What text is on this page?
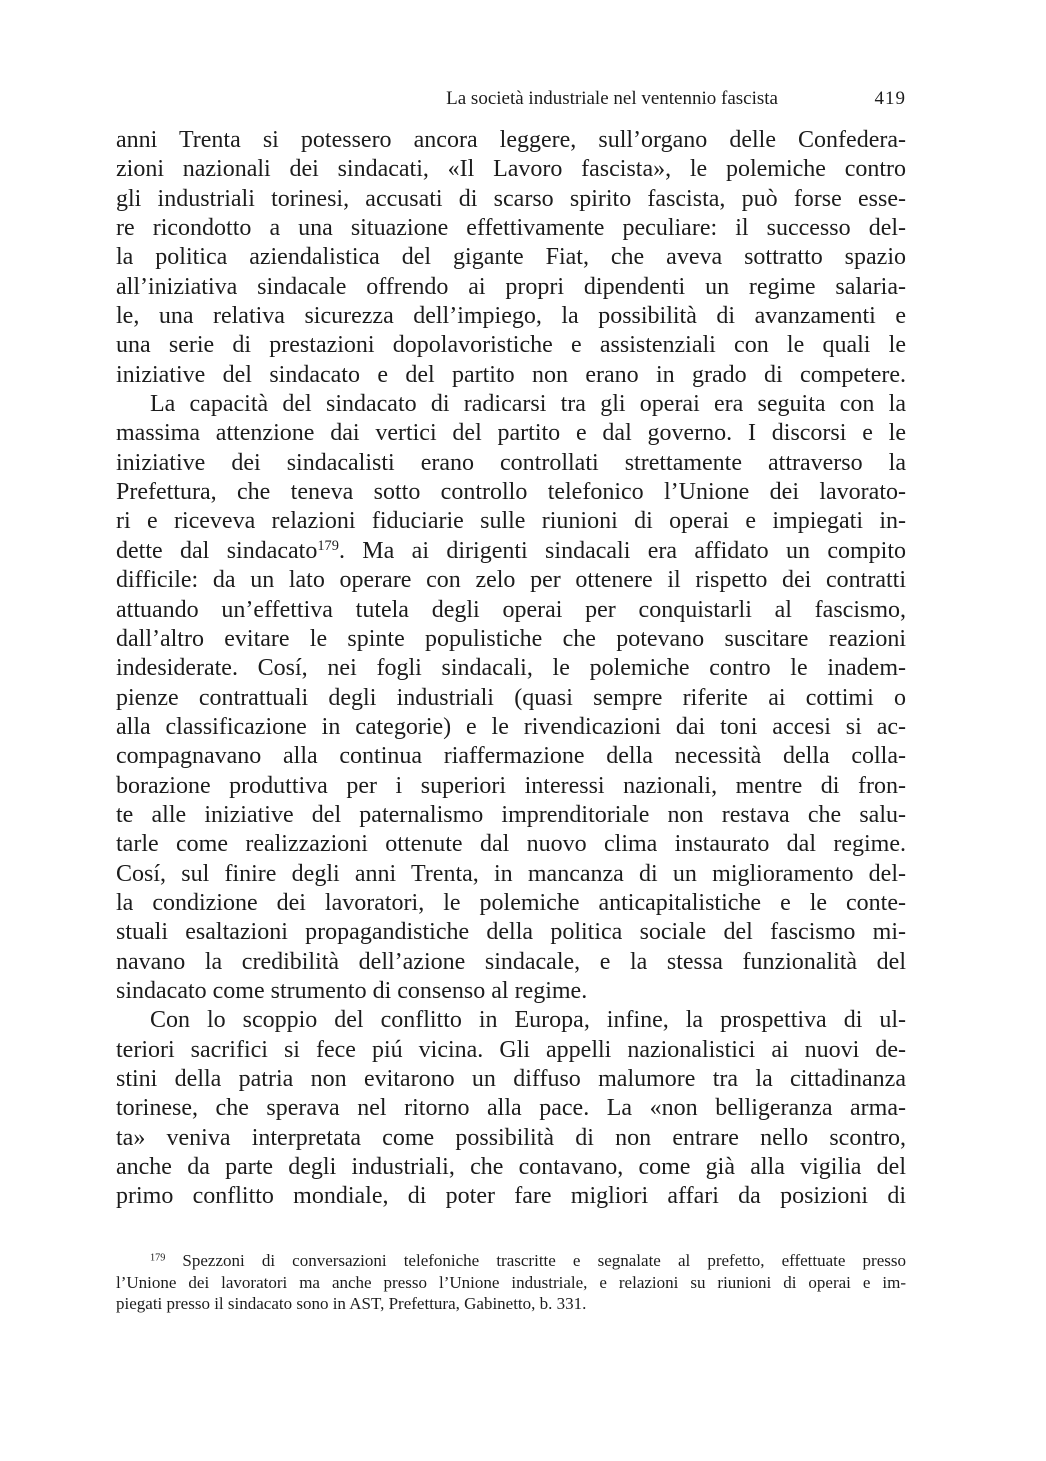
La società industriale nel ventennio fascista	419
anni Trenta si potessero ancora leggere, sull’organo delle Confedera-
zioni nazionali dei sindacati, «Il Lavoro fascista», le polemiche contro
gli industriali torinesi, accusati di scarso spirito fascista, può forse esse-
re ricondotto a una situazione effettivamente peculiare: il successo del-
la politica aziendalistica del gigante Fiat, che aveva sottratto spazio
all’iniziativa sindacale offrendo ai propri dipendenti un regime salaria-
le, una relativa sicurezza dell’impiego, la possibilità di avanzamenti e
una serie di prestazioni dopolavoristiche e assistenziali con le quali le
iniziative del sindacato e del partito non erano in grado di competere.
La capacità del sindacato di radicarsi tra gli operai era seguita con la
massima attenzione dai vertici del partito e dal governo. I discorsi e le
iniziative dei sindacalisti erano controllati strettamente attraverso la
Prefettura, che teneva sotto controllo telefonico l’Unione dei lavorato-
ri e riceveva relazioni fiduciarie sulle riunioni di operai e impiegati in-
dette dal sindacato$^{179}$. Ma ai dirigenti sindacali era affidato un compito
difficile: da un lato operare con zelo per ottenere il rispetto dei contratti
attuando un’effettiva tutela degli operai per conquistarli al fascismo,
dall’altro evitare le spinte populistiche che potevano suscitare reazioni
indesiderate. Cosí, nei fogli sindacali, le polemiche contro le inadem-
pienze contrattuali degli industriali (quasi sempre riferite ai cottimi o
alla classificazione in categorie) e le rivendicazioni dai toni accesi si ac-
compagnavano alla continua riaffermazione della necessità della colla-
borazione produttiva per i superiori interessi nazionali, mentre di fron-
te alle iniziative del paternalismo imprenditoriale non restava che salu-
tarle come realizzazioni ottenute dal nuovo clima instaurato dal regime.
Cosí, sul finire degli anni Trenta, in mancanza di un miglioramento del-
la condizione dei lavoratori, le polemiche anticapitalistiche e le conte-
stuali esaltazioni propagandistiche della politica sociale del fascismo mi-
navano la credibilità dell’azione sindacale, e la stessa funzionalità del
sindacato come strumento di consenso al regime.
Con lo scoppio del conflitto in Europa, infine, la prospettiva di ul-
teriori sacrifici si fece piú vicina. Gli appelli nazionalistici ai nuovi de-
stini della patria non evitarono un diffuso malumore tra la cittadinanza
torinese, che sperava nel ritorno alla pace. La «non belligeranza arma-
ta» veniva interpretata come possibilità di non entrare nello scontro,
anche da parte degli industriali, che contavano, come già alla vigilia del
primo conflitto mondiale, di poter fare migliori affari da posizioni di
$^{179}$ Spezzoni di conversazioni telefoniche trascritte e segnalate al prefetto, effettuate presso
l’Unione dei lavoratori ma anche presso l’Unione industriale, e relazioni su riunioni di operai e im-
piegati presso il sindacato sono in AST, Prefettura, Gabinetto, b. 331.
